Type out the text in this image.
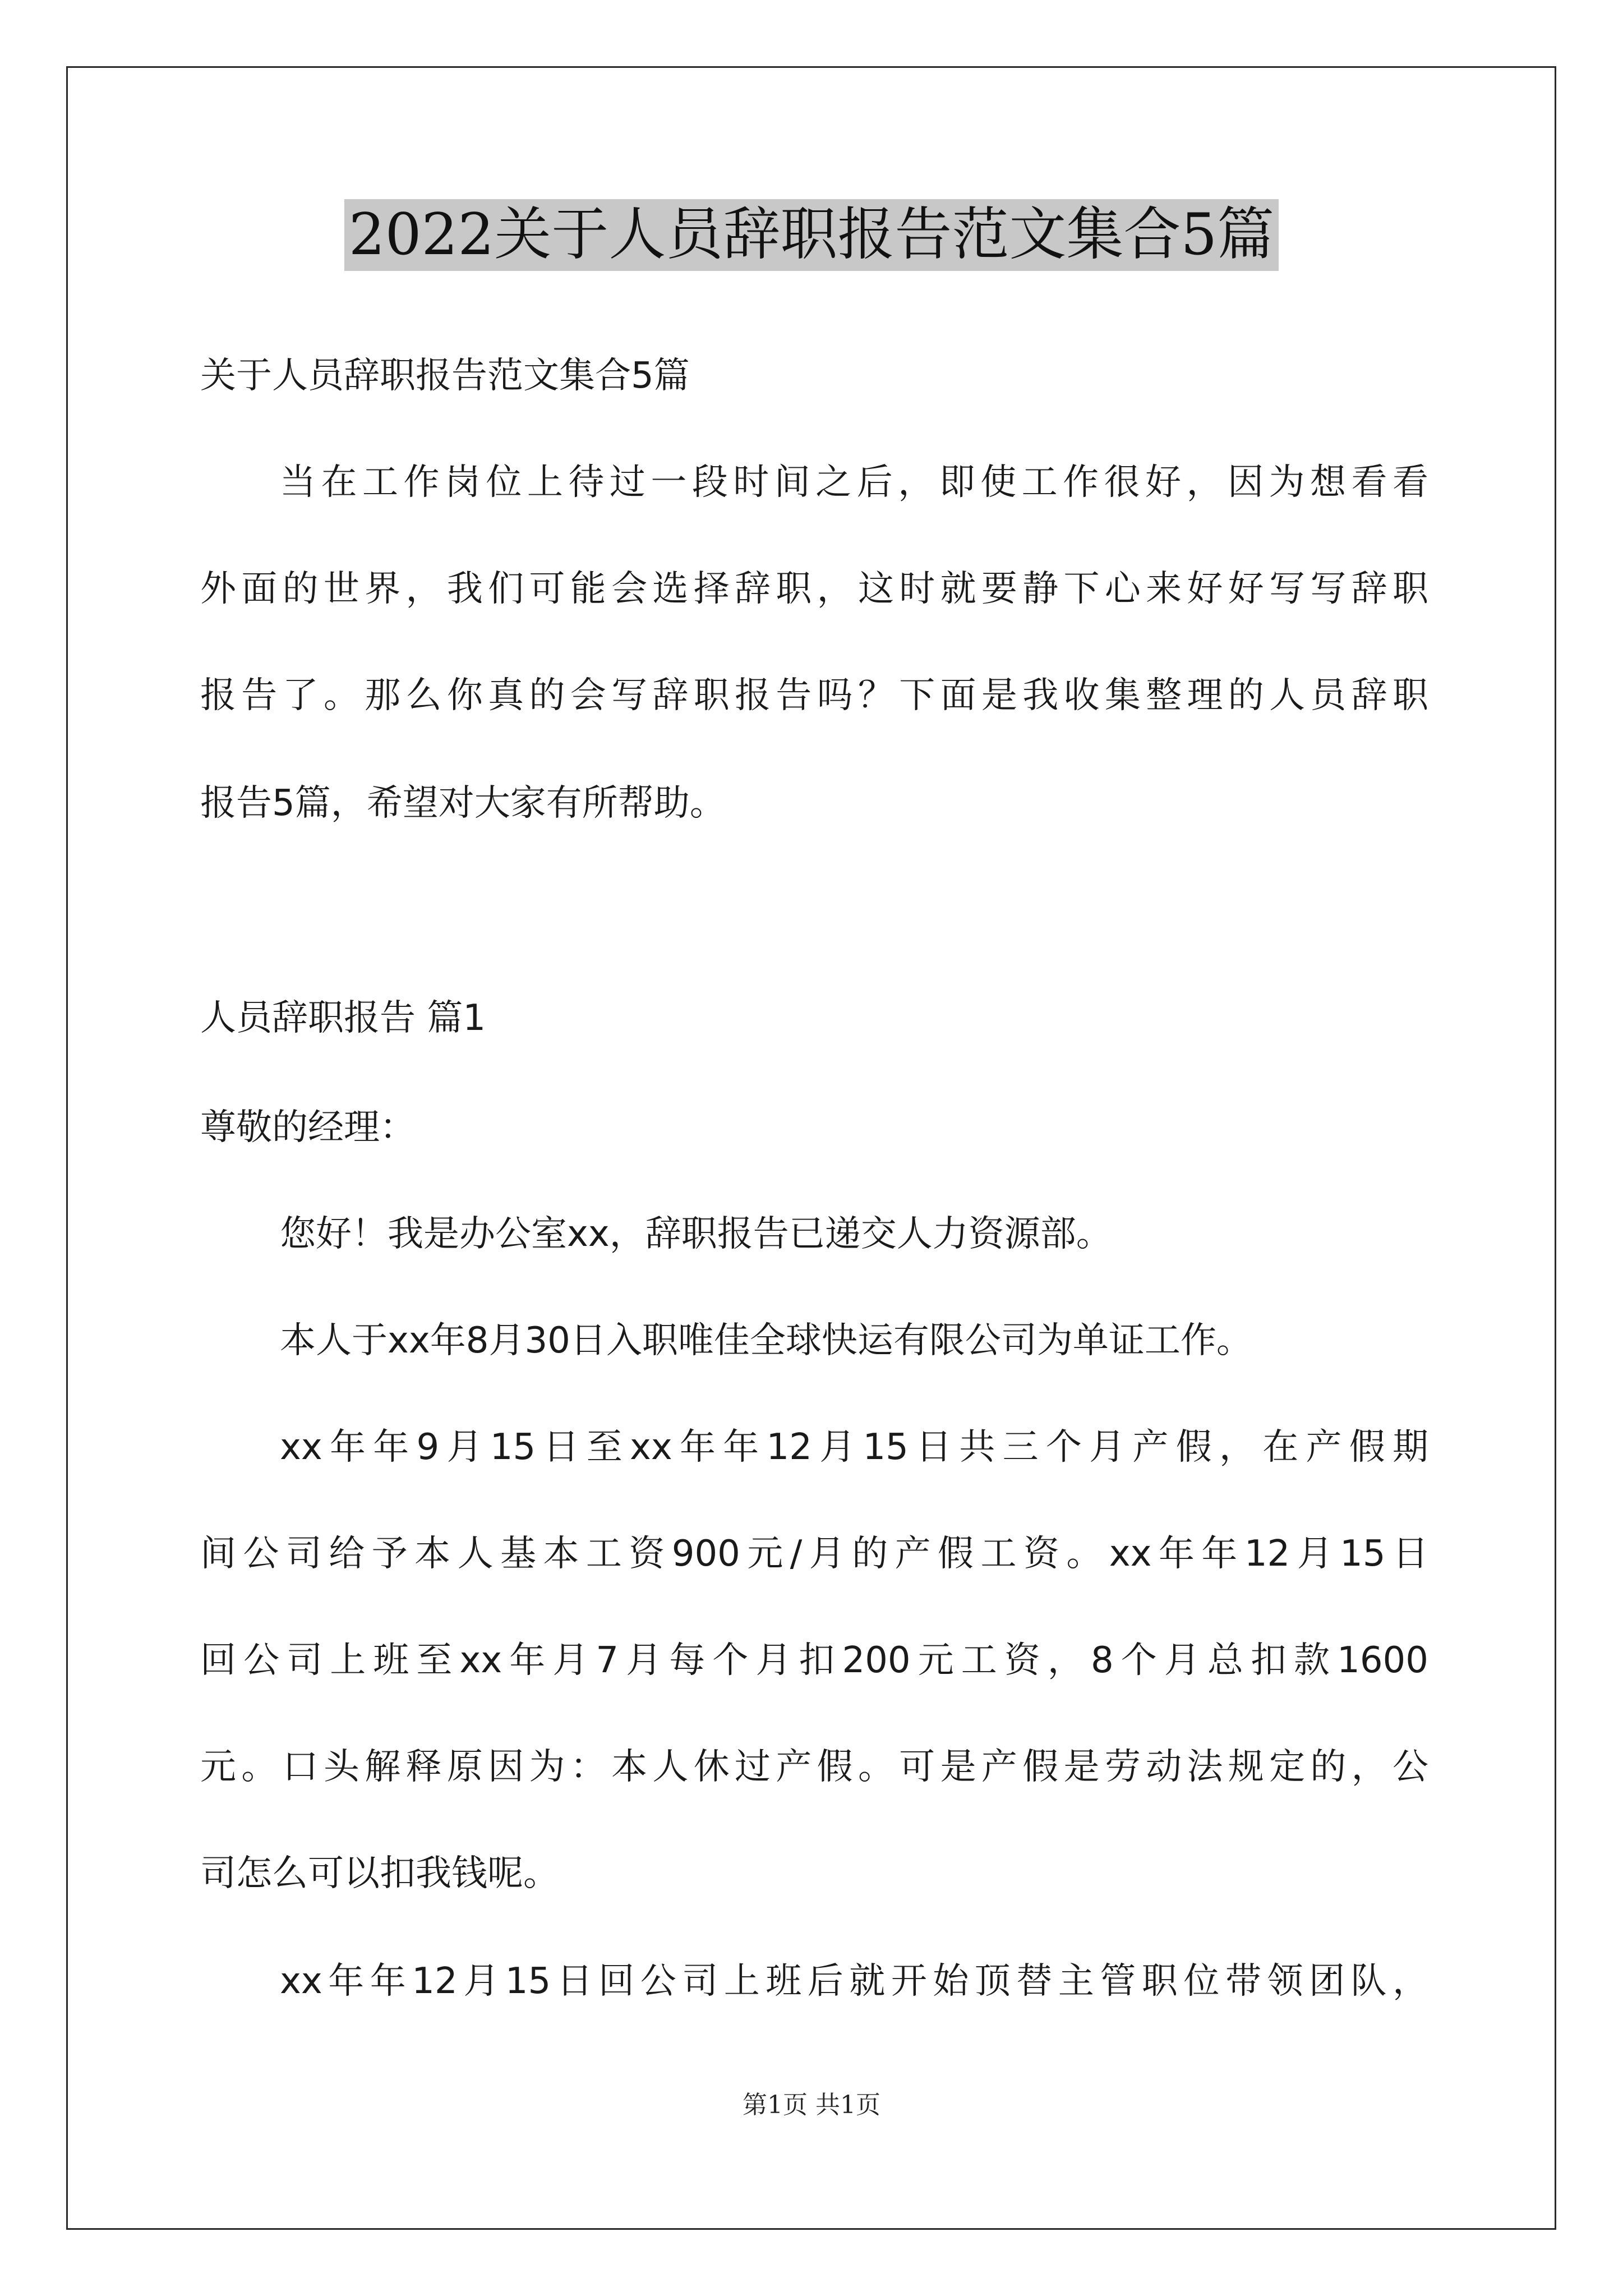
2022关于人员辞职报告范文集合5篇
关于人员辞职报告范文集合5篇
当在工作岗位上待过一段时间之后，即使工作很好，因为想看看
外面的世界，我们可能会选择辞职，这时就要静下心来好好写写辞职
报告了。那么你真的会写辞职报告吗？下面是我收集整理的人员辞职
报告5篇，希望对大家有所帮助。
人员辞职报告 篇1
尊敬的经理：
您好！我是办公室xx，辞职报告已递交人力资源部。
本人于xx年8月30日入职唯佳全球快运有限公司为单证工作。
xx年年9月15日至xx年年12月15日共三个月产假，在产假期
间公司给予本人基本工资900元/月的产假工资。xx年年12月15日
回公司上班至xx年月7月每个月扣200元工资，8个月总扣款1600
元。口头解释原因为：本人休过产假。可是产假是劳动法规定的，公
司怎么可以扣我钱呢。
xx年年12月15日回公司上班后就开始顶替主管职位带领团队，
第1页 共1页
